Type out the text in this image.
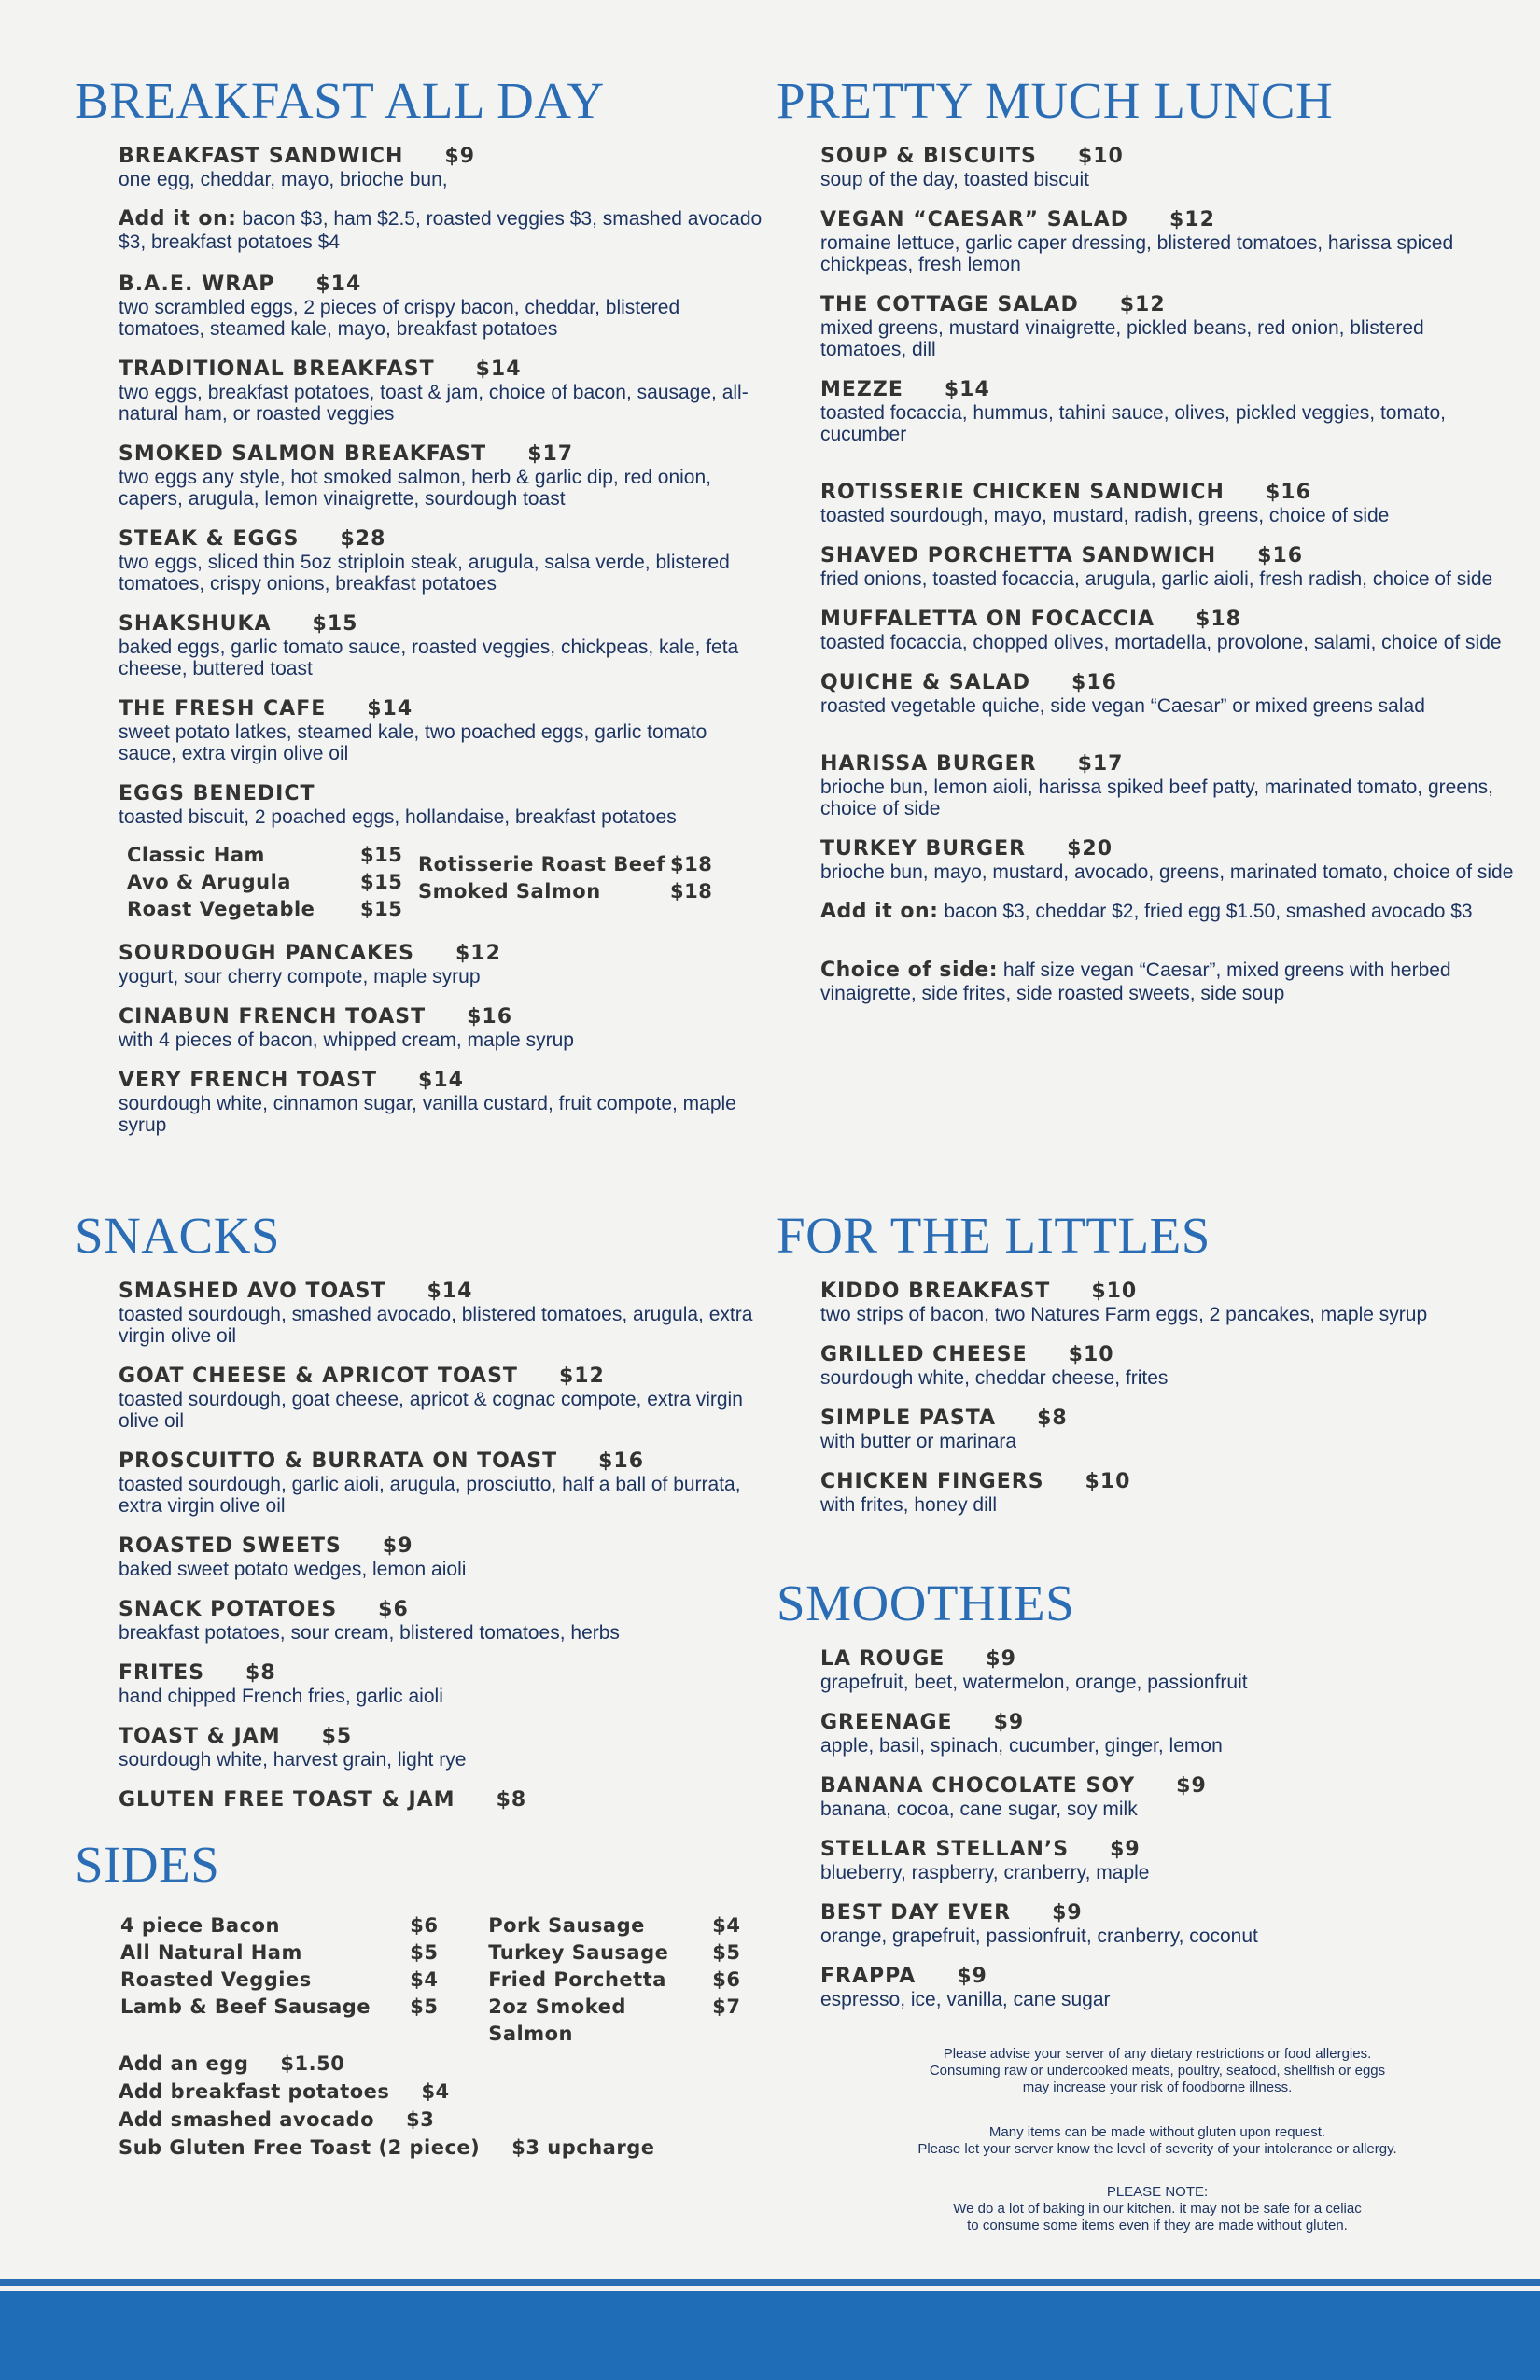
BREAKFAST ALL DAY
BREAKFAST SANDWICH $9
one egg, cheddar, mayo, brioche bun,
Add it on: bacon $3, ham $2.5, roasted veggies $3, smashed avocado $3, breakfast potatoes $4
B.A.E. WRAP $14
two scrambled eggs, 2 pieces of crispy bacon, cheddar, blistered tomatoes, steamed kale, mayo, breakfast potatoes
TRADITIONAL BREAKFAST $14
two eggs, breakfast potatoes, toast & jam, choice of bacon, sausage, all-natural ham, or roasted veggies
SMOKED SALMON BREAKFAST $17
two eggs any style, hot smoked salmon, herb & garlic dip, red onion, capers, arugula, lemon vinaigrette, sourdough toast
STEAK & EGGS $28
two eggs, sliced thin 5oz striploin steak, arugula, salsa verde, blistered tomatoes, crispy onions, breakfast potatoes
SHAKSHUKA $15
baked eggs, garlic tomato sauce, roasted veggies, chickpeas, kale, feta cheese, buttered toast
THE FRESH CAFE $14
sweet potato latkes, steamed kale, two poached eggs, garlic tomato sauce, extra virgin olive oil
EGGS BENEDICT
toasted biscuit, 2 poached eggs, hollandaise, breakfast potatoes
Classic Ham	$15
Avo & Arugula	$15
Roast Vegetable	$15
Rotisserie Roast Beef $18
Smoked Salmon	$18
SOURDOUGH PANCAKES $12
yogurt, sour cherry compote, maple syrup
CINABUN FRENCH TOAST $16
with 4 pieces of bacon, whipped cream, maple syrup
VERY FRENCH TOAST $14
sourdough white, cinnamon sugar, vanilla custard, fruit compote, maple syrup
PRETTY MUCH LUNCH
SOUP & BISCUITS $10
soup of the day, toasted biscuit
VEGAN “CAESAR” SALAD $12
romaine lettuce, garlic caper dressing, blistered tomatoes, harissa spiced chickpeas, fresh lemon
THE COTTAGE SALAD $12
mixed greens, mustard vinaigrette, pickled beans, red onion, blistered tomatoes, dill
MEZZE $14
toasted focaccia, hummus, tahini sauce, olives, pickled veggies, tomato, cucumber
ROTISSERIE CHICKEN SANDWICH $16
toasted sourdough, mayo, mustard, radish, greens, choice of side
SHAVED PORCHETTA SANDWICH $16
fried onions, toasted focaccia, arugula, garlic aioli, fresh radish, choice of side
MUFFALETTA ON FOCACCIA $18
toasted focaccia, chopped olives, mortadella, provolone, salami, choice of side
QUICHE & SALAD $16
roasted vegetable quiche, side vegan “Caesar” or mixed greens salad
HARISSA BURGER $17
brioche bun, lemon aioli, harissa spiked beef patty, marinated tomato, greens, choice of side
TURKEY BURGER $20
brioche bun, mayo, mustard, avocado, greens, marinated tomato, choice of side
Add it on: bacon $3, cheddar $2, fried egg $1.50, smashed avocado $3
Choice of side: half size vegan “Caesar”, mixed greens with herbed vinaigrette, side frites, side roasted sweets, side soup
SNACKS
SMASHED AVO TOAST $14
toasted sourdough, smashed avocado, blistered tomatoes, arugula, extra virgin olive oil
GOAT CHEESE & APRICOT TOAST $12
toasted sourdough, goat cheese, apricot & cognac compote, extra virgin olive oil
PROSCUITTO & BURRATA ON TOAST $16
toasted sourdough, garlic aioli, arugula, prosciutto, half a ball of burrata, extra virgin olive oil
ROASTED SWEETS $9
baked sweet potato wedges, lemon aioli
SNACK POTATOES $6
breakfast potatoes, sour cream, blistered tomatoes, herbs
FRITES $8
hand chipped French fries, garlic aioli
TOAST & JAM $5
sourdough white, harvest grain, light rye
GLUTEN FREE TOAST & JAM $8
SIDES
4 piece Bacon	$6
All Natural Ham	$5
Roasted Veggies	$4
Lamb & Beef Sausage	$5
Pork Sausage	$4
Turkey Sausage	$5
Fried Porchetta	$6
2oz Smoked Salmon
$7
Add an egg $1.50
Add breakfast potatoes $4
Add smashed avocado $3
Sub Gluten Free Toast (2 piece) $3 upcharge
FOR THE LITTLES
KIDDO BREAKFAST $10
two strips of bacon, two Natures Farm eggs, 2 pancakes, maple syrup
GRILLED CHEESE $10
sourdough white, cheddar cheese, frites
SIMPLE PASTA $8
with butter or marinara
CHICKEN FINGERS $10
with frites, honey dill
SMOOTHIES
LA ROUGE $9
grapefruit, beet, watermelon, orange, passionfruit
GREENAGE $9
apple, basil, spinach, cucumber, ginger, lemon
BANANA CHOCOLATE SOY $9
banana, cocoa, cane sugar, soy milk
STELLAR STELLAN’S $9
blueberry, raspberry, cranberry, maple
BEST DAY EVER $9
orange, grapefruit, passionfruit, cranberry, coconut
FRAPPA $9
espresso, ice, vanilla, cane sugar
Please advise your server of any dietary restrictions or food allergies.
Consuming raw or undercooked meats, poultry, seafood, shellfish or eggs
may increase your risk of foodborne illness.
Many items can be made without gluten upon request.
Please let your server know the level of severity of your intolerance or allergy.
PLEASE NOTE:
We do a lot of baking in our kitchen. it may not be safe for a celiac
to consume some items even if they are made without gluten.
